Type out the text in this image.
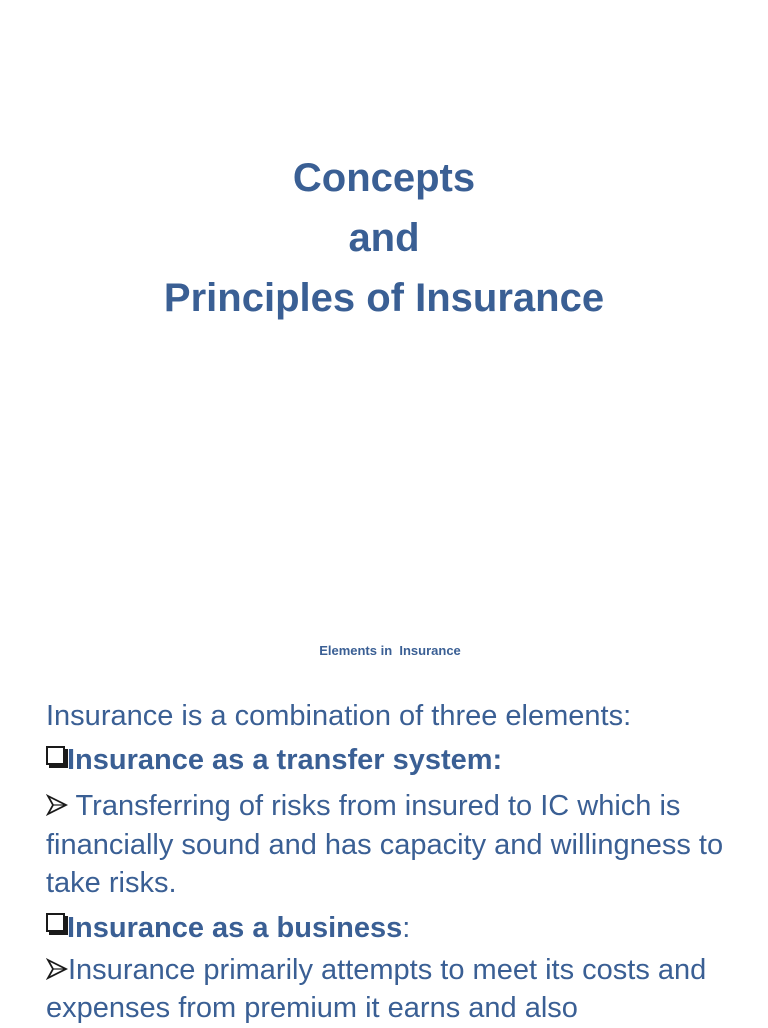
Concepts

and

Principles of Insurance

Elements in  Insurance

Insurance is a combination of three elements:

Insurance as a transfer system:

Transferring of risks from insured to IC which is financially sound and has capacity and willingness to take risks.

Insurance as a business:

Insurance primarily attempts to meet its costs and expenses from premium it earns and also
